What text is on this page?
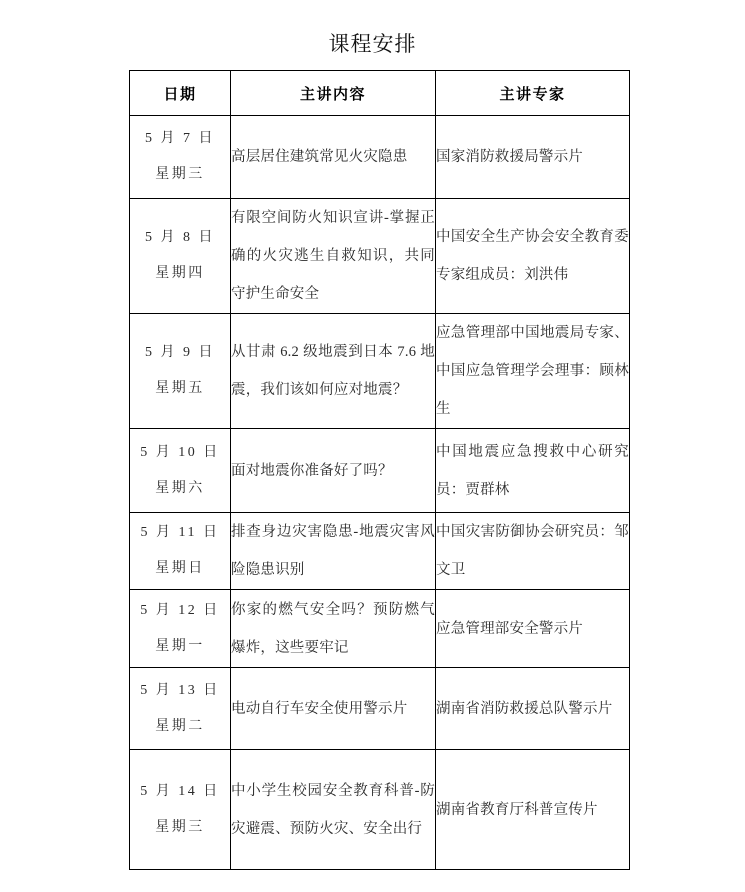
课程安排
日期	主讲内容	主讲专家

5 月 7 日
星期三	高层居住建筑常见火灾隐患	国家消防救援局警示片

5 月 8 日
星期四	有限空间防火知识宣讲-掌握正确的火灾逃生自救知识，共同守护生命安全	中国安全生产协会安全教育委专家组成员：刘洪伟

5 月 9 日
星期五	从甘肃 6.2 级地震到日本 7.6 地震，我们该如何应对地震？	应急管理部中国地震局专家、中国应急管理学会理事：顾林生

5 月 10 日
星期六	面对地震你准备好了吗？	中国地震应急搜救中心研究员：贾群林

5 月 11 日
星期日	排查身边灾害隐患-地震灾害风险隐患识别	中国灾害防御协会研究员：邹文卫

5 月 12 日
星期一	你家的燃气安全吗？预防燃气爆炸，这些要牢记	应急管理部安全警示片

5 月 13 日
星期二	电动自行车安全使用警示片	湖南省消防救援总队警示片

5 月 14 日
星期三	中小学生校园安全教育科普-防灾避震、预防火灾、安全出行	湖南省教育厅科普宣传片
